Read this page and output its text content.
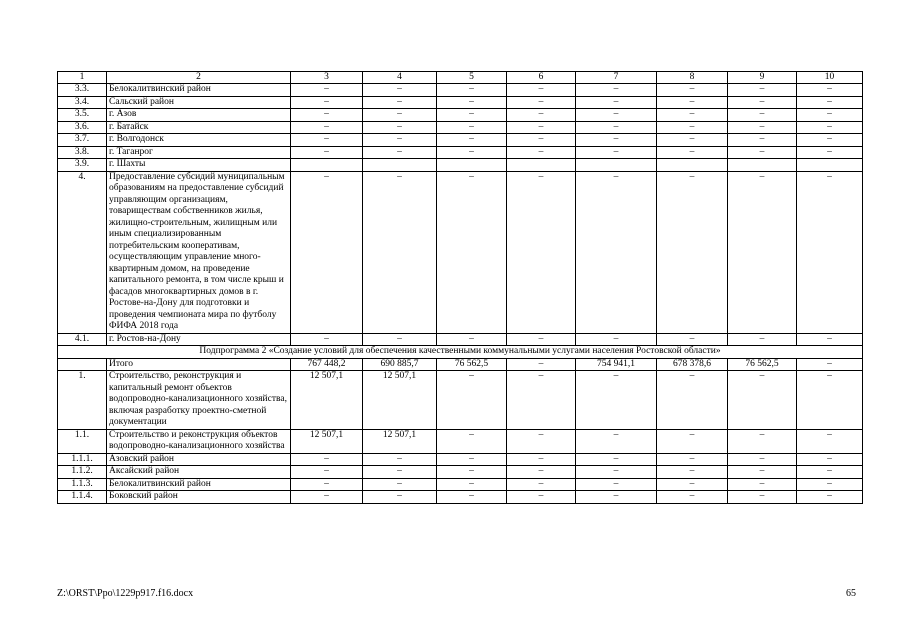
1	2	3	4	5	6	7	8	9	10
3.3.	Белокалитвинский район	–	–	–	–	–	–	–	–
3.4.	Сальский район	–	–	–	–	–	–	–	–
3.5.	г. Азов	–	–	–	–	–	–	–	–
3.6.	г. Батайск	–	–	–	–	–	–	–	–
3.7.	г. Волгодонск	–	–	–	–	–	–	–	–
3.8.	г. Таганрог	–	–	–	–	–	–	–	–
3.9.	г. Шахты								
4.	Предоставление субсидий муниципальным образованиям на предоставление субсидий управляющим организациям, товариществам собственников жилья, жилищно-строительным, жилищным или иным специализированным потребительским кооперативам, осуществляющим управление много-квартирным домом, на проведение капитального ремонта, в том числе крыш и фасадов многоквартирных домов в г. Ростове-на-Дону для подготовки и проведения чемпионата мира по футболу ФИФА 2018 года	–	–	–	–	–	–	–	–
4.1.	г. Ростов-на-Дону	–	–	–	–	–	–	–	–
Подпрограмма 2 «Создание условий для обеспечения качественными коммунальными услугами населения Ростовской области»									
	Итого	767 448,2	690 885,7	76 562,5	–	754 941,1	678 378,6	76 562,5	–
1.	Строительство, реконструкция и капитальный ремонт объектов водопроводно-канализационного хозяйства, включая разработку проектно-сметной документации	12 507,1	12 507,1	–	–	–	–	–	–
1.1.	Строительство и реконструкция объектов водопроводно-канализационного хозяйства	12 507,1	12 507,1	–	–	–	–	–	–
1.1.1.	Азовский район	–	–	–	–	–	–	–	–
1.1.2.	Аксайский район	–	–	–	–	–	–	–	–
1.1.3.	Белокалитвинский район	–	–	–	–	–	–	–	–
1.1.4.	Боковский район	–	–	–	–	–	–	–	–
Z:\ORST\Ppo\1229p917.f16.docx	65
